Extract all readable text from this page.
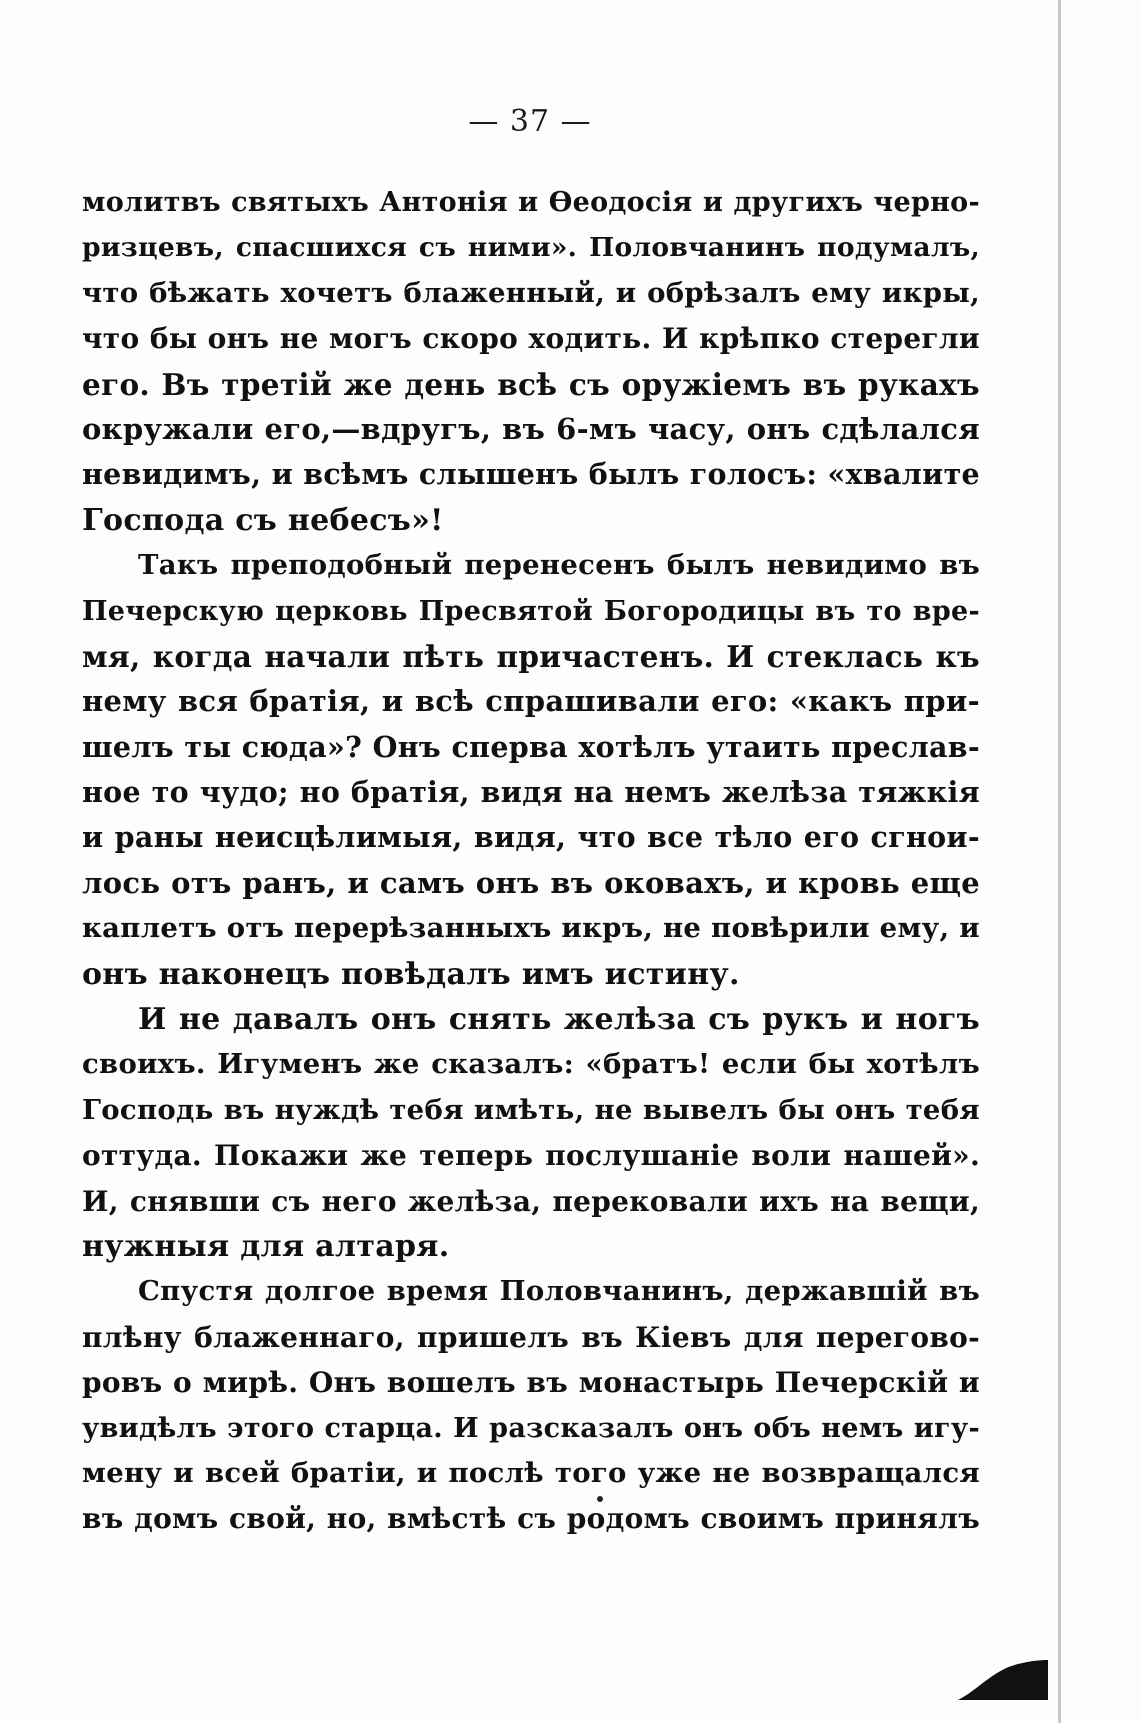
— 37 —
молитвъ святыхъ Антонія и Ѳеодосія и другихъ черно-
ризцевъ, спасшихся съ ними». Половчанинъ подумалъ,
что бѣжать хочетъ блаженный, и обрѣзалъ ему икры,
что бы онъ не могъ скоро ходить. И крѣпко стерегли
его. Въ третій же день всѣ съ оружіемъ въ рукахъ
окружали его,—вдругъ, въ 6-мъ часу, онъ сдѣлался
невидимъ, и всѣмъ слышенъ былъ голосъ: «хвалите
Господа съ небесъ»!
Такъ преподобный перенесенъ былъ невидимо въ
Печерскую церковь Пресвятой Богородицы въ то вре-
мя, когда начали пѣть причастенъ. И стеклась къ
нему вся братія, и всѣ спрашивали его: «какъ при-
шелъ ты сюда»? Онъ сперва хотѣлъ утаить преслав-
ное то чудо; но братія, видя на немъ желѣза тяжкія
и раны неисцѣлимыя, видя, что все тѣло его сгнои-
лось отъ ранъ, и самъ онъ въ оковахъ, и кровь еще
каплетъ отъ перерѣзанныхъ икръ, не повѣрили ему, и
онъ наконецъ повѣдалъ имъ истину.
И не давалъ онъ снять желѣза съ рукъ и ногъ
своихъ. Игуменъ же сказалъ: «братъ! если бы хотѣлъ
Господь въ нуждѣ тебя имѣть, не вывелъ бы онъ тебя
оттуда. Покажи же теперь послушаніе воли нашей».
И, снявши съ него желѣза, перековали ихъ на вещи,
нужныя для алтаря.
Спустя долгое время Половчанинъ, державшій въ
плѣну блаженнаго, пришелъ въ Кіевъ для перегово-
ровъ о мирѣ. Онъ вошелъ въ монастырь Печерскій и
увидѣлъ этого старца. И разсказалъ онъ объ немъ игу-
мену и всей братіи, и послѣ того уже не возвращался
въ домъ свой, но, вмѣстѣ съ родомъ своимъ принялъ
